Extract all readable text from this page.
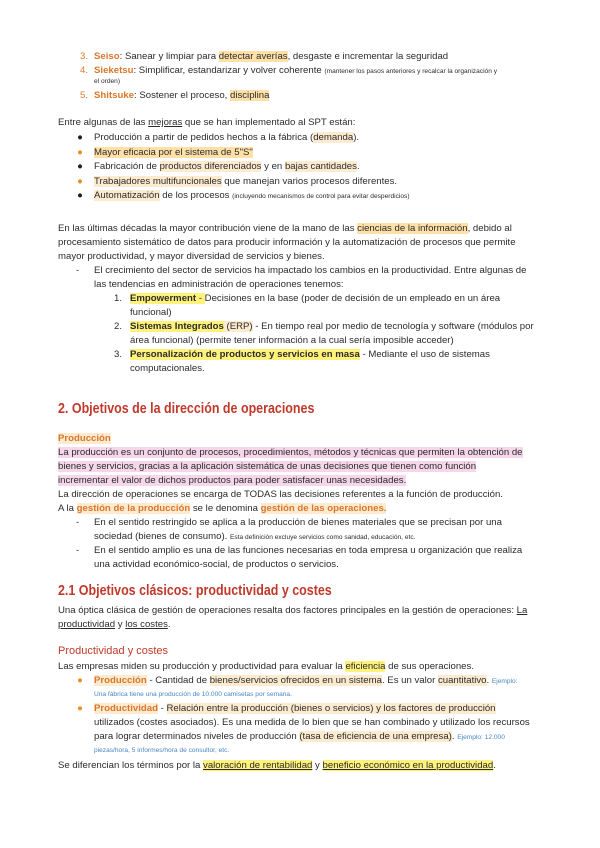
3. Seiso: Sanear y limpiar para detectar averías, desgaste e incrementar la seguridad
4. Sieketsu: Simplificar, estandarizar y volver coherente (mantener los pasos anteriores y recalcar la organización y
el orden)
5. Shitsuke: Sostener el proceso, disciplina
Entre algunas de las mejoras que se han implementado al SPT están:
● Producción a partir de pedidos hechos a la fábrica (demanda).
● Mayor eficacia por el sistema de 5"S"
● Fabricación de productos diferenciados y en bajas cantidades.
● Trabajadores multifuncionales que manejan varios procesos diferentes.
● Automatización de los procesos (incluyendo mecanismos de control para evitar desperdicios)
En las últimas décadas la mayor contribución viene de la mano de las ciencias de la información, debido al
procesamiento sistemático de datos para producir información y la automatización de procesos que permite
mayor productividad, y mayor diversidad de servicios y bienes.
- El crecimiento del sector de servicios ha impactado los cambios en la productividad. Entre algunas de
las tendencias en administración de operaciones tenemos:
1. Empowerment - Decisiones en la base (poder de decisión de un empleado en un área
funcional)
2. Sistemas Integrados (ERP) - En tiempo real por medio de tecnología y software (módulos por
área funcional) (permite tener información a la cual sería imposible acceder)
3. Personalización de productos y servicios en masa - Mediante el uso de sistemas
computacionales.
2. Objetivos de la dirección de operaciones
Producción
La producción es un conjunto de procesos, procedimientos, métodos y técnicas que permiten la obtención de
bienes y servicios, gracias a la aplicación sistemática de unas decisiones que tienen como función
incrementar el valor de dichos productos para poder satisfacer unas necesidades.
La dirección de operaciones se encarga de TODAS las decisiones referentes a la función de producción.
A la gestión de la producción se le denomina gestión de las operaciones.
- En el sentido restringido se aplica a la producción de bienes materiales que se precisan por una
sociedad (bienes de consumo). Esta definición excluye servicios como sanidad, educación, etc.
- En el sentido amplio es una de las funciones necesarias en toda empresa u organización que realiza
una actividad económico-social, de productos o servicios.
2.1 Objetivos clásicos: productividad y costes
Una óptica clásica de gestión de operaciones resalta dos factores principales en la gestión de operaciones: La
productividad y los costes.
Productividad y costes
Las empresas miden su producción y productividad para evaluar la eficiencia de sus operaciones.
● Producción - Cantidad de bienes/servicios ofrecidos en un sistema. Es un valor cuantitativo. Ejemplo:
Una fábrica tiene una producción de 10.000 camisetas por semana.
● Productividad - Relación entre la producción (bienes o servicios) y los factores de producción
utilizados (costes asociados). Es una medida de lo bien que se han combinado y utilizado los recursos
para lograr determinados niveles de producción (tasa de eficiencia de una empresa). Ejemplo: 12.000
piezas/hora, 5 informes/hora de consultor, etc.
Se diferencian los términos por la valoración de rentabilidad y beneficio económico en la productividad.
